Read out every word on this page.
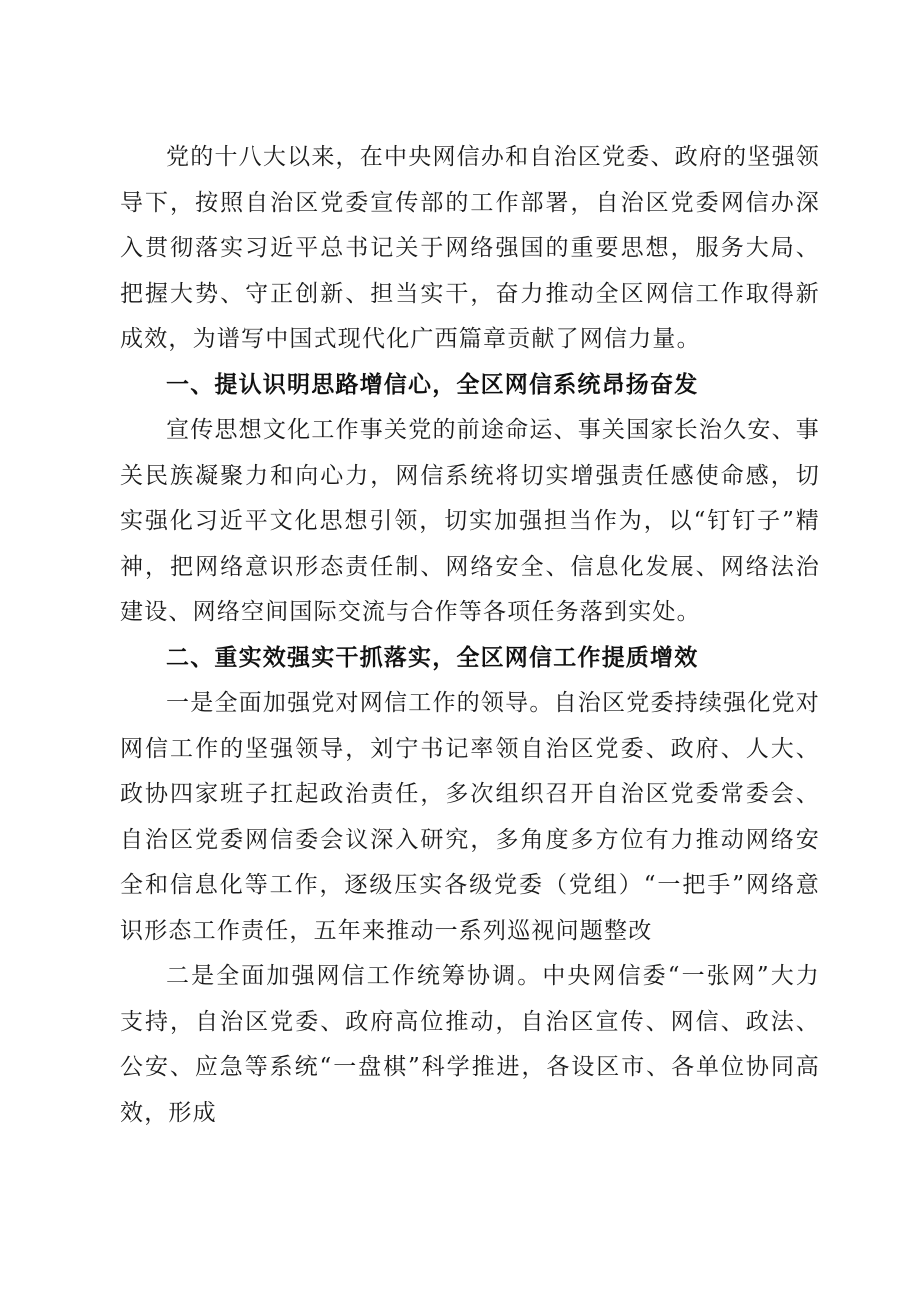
党的十八大以来，在中央网信办和自治区党委、政府的坚强领导下，按照自治区党委宣传部的工作部署，自治区党委网信办深入贯彻落实习近平总书记关于网络强国的重要思想，服务大局、把握大势、守正创新、担当实干，奋力推动全区网信工作取得新成效，为谱写中国式现代化广西篇章贡献了网信力量。

一、提认识明思路增信心，全区网信系统昂扬奋发

宣传思想文化工作事关党的前途命运、事关国家长治久安、事关民族凝聚力和向心力，网信系统将切实增强责任感使命感，切实强化习近平文化思想引领，切实加强担当作为，以“钉钉子”精神，把网络意识形态责任制、网络安全、信息化发展、网络法治建设、网络空间国际交流与合作等各项任务落到实处。

二、重实效强实干抓落实，全区网信工作提质增效

一是全面加强党对网信工作的领导。自治区党委持续强化党对网信工作的坚强领导，刘宁书记率领自治区党委、政府、人大、政协四家班子扛起政治责任，多次组织召开自治区党委常委会、自治区党委网信委会议深入研究，多角度多方位有力推动网络安全和信息化等工作，逐级压实各级党委（党组）“一把手”网络意识形态工作责任，五年来推动一系列巡视问题整改

二是全面加强网信工作统筹协调。中央网信委“一张网”大力支持，自治区党委、政府高位推动，自治区宣传、网信、政法、公安、应急等系统“一盘棋”科学推进，各设区市、各单位协同高效，形成
